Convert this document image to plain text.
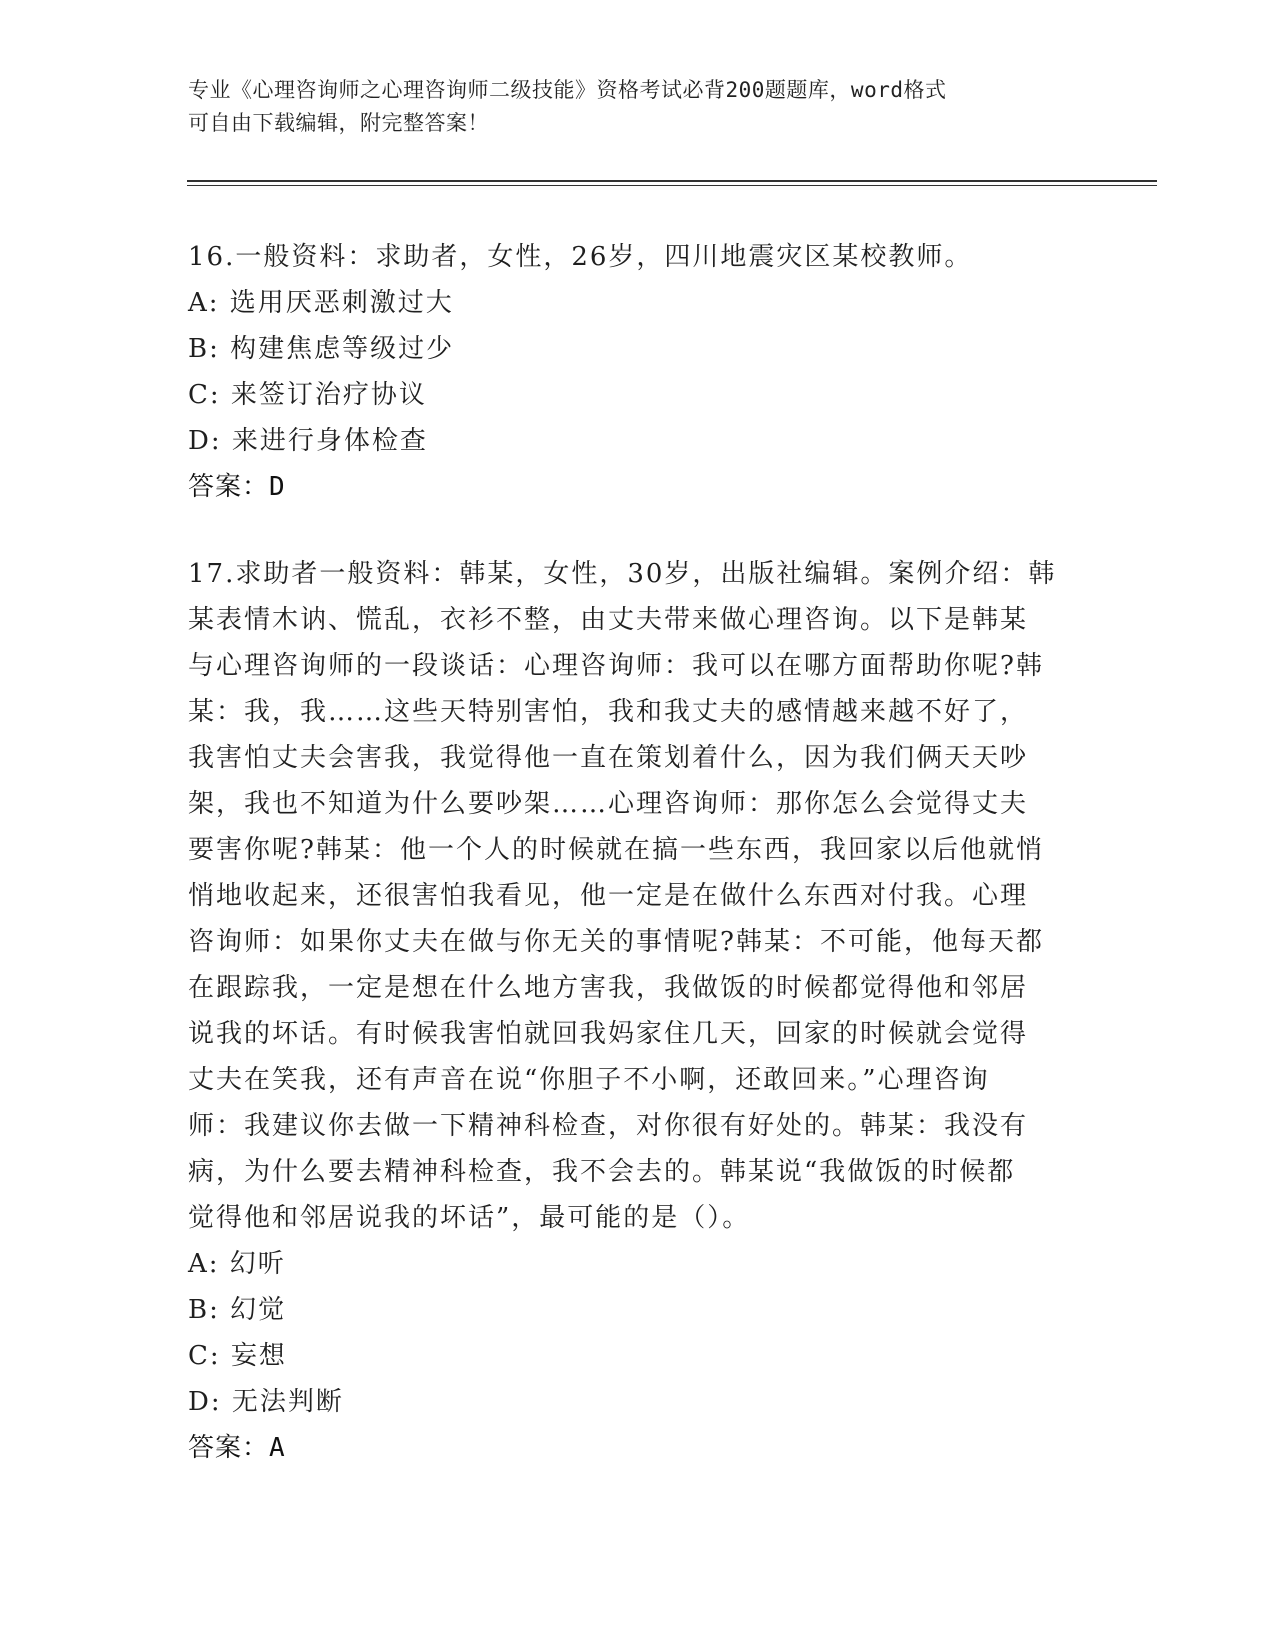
专业《心理咨询师之心理咨询师二级技能》资格考试必背200题题库，word格式
可自由下载编辑，附完整答案！
16.一般资料：求助者，女性，26岁，四川地震灾区某校教师。
A: 选用厌恶刺激过大
B: 构建焦虑等级过少
C: 来签订治疗协议
D: 来进行身体检查
答案：D
17.求助者一般资料：韩某，女性，30岁，出版社编辑。案例介绍：韩
某表情木讷、慌乱，衣衫不整，由丈夫带来做心理咨询。以下是韩某
与心理咨询师的一段谈话：心理咨询师：我可以在哪方面帮助你呢?韩
某：我，我……这些天特别害怕，我和我丈夫的感情越来越不好了，
我害怕丈夫会害我，我觉得他一直在策划着什么，因为我们俩天天吵
架，我也不知道为什么要吵架……心理咨询师：那你怎么会觉得丈夫
要害你呢?韩某：他一个人的时候就在搞一些东西，我回家以后他就悄
悄地收起来，还很害怕我看见，他一定是在做什么东西对付我。心理
咨询师：如果你丈夫在做与你无关的事情呢?韩某：不可能，他每天都
在跟踪我，一定是想在什么地方害我，我做饭的时候都觉得他和邻居
说我的坏话。有时候我害怕就回我妈家住几天，回家的时候就会觉得
丈夫在笑我，还有声音在说“你胆子不小啊，还敢回来。”心理咨询
师：我建议你去做一下精神科检查，对你很有好处的。韩某：我没有
病，为什么要去精神科检查，我不会去的。韩某说“我做饭的时候都
觉得他和邻居说我的坏话”，最可能的是（）。
A: 幻听
B: 幻觉
C: 妄想
D: 无法判断
答案：A
